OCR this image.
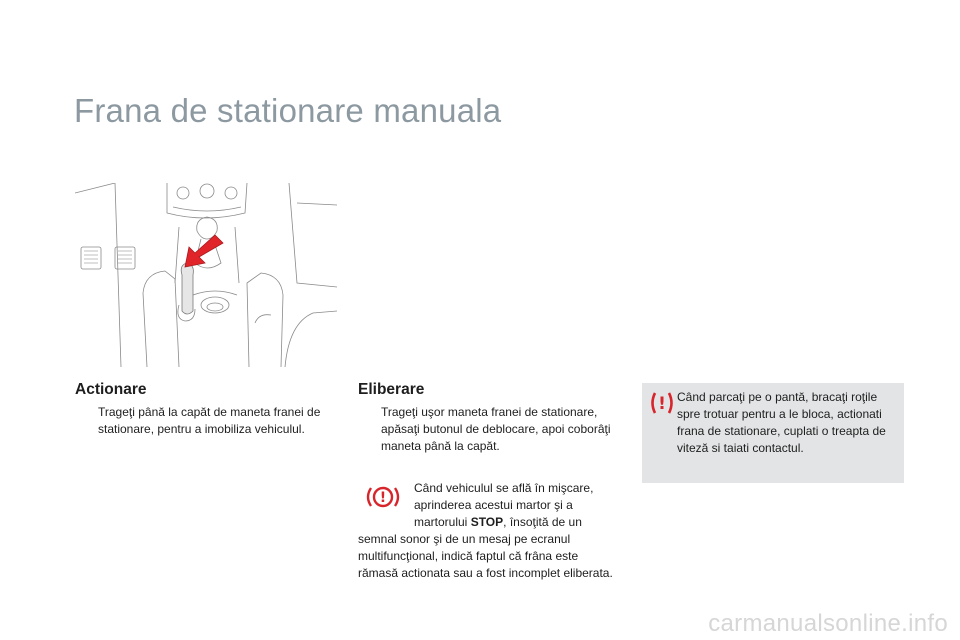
Frana de stationare manuala
Actionare
Trageţi până la capăt de maneta franei de stationare, pentru a imobiliza vehiculul.
Eliberare
Trageţi uşor maneta franei de stationare, apăsaţi butonul de deblocare, apoi coborâţi maneta până la capăt.
!
Când vehiculul se află în mişcare, aprinderea acestui martor şi a martorului STOP, însoţită de un semnal sonor şi de un mesaj pe ecranul multifuncţional, indică faptul că frâna este rămasă actionata sau a fost incomplet eliberata.
! Când parcaţi pe o pantă, bracaţi roţile spre trotuar pentru a le bloca, actionati frana de stationare, cuplati o treapta de viteză si taiati contactul.
carmanualsonline.info
